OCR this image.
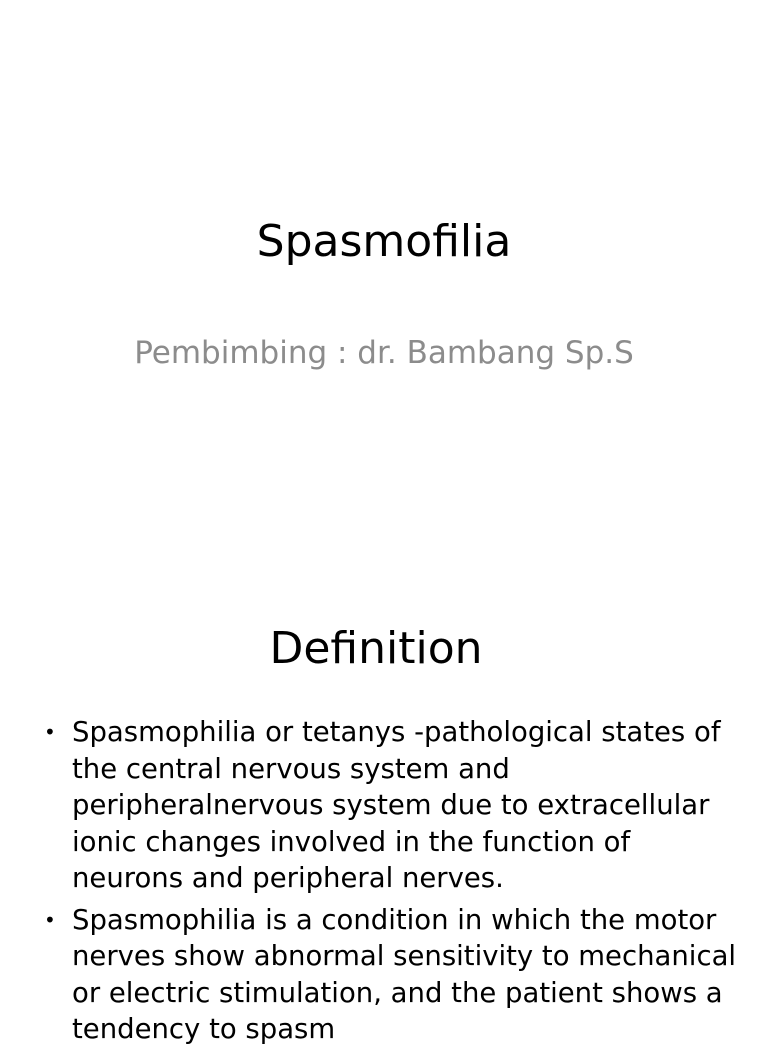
Spasmofilia
Pembimbing : dr. Bambang Sp.S
Definition
• Spasmophilia or tetanys -pathological states of the central nervous system and peripheralnervous system due to extracellular ionic changes involved in the function of neurons and peripheral nerves.
• Spasmophilia is a condition in which the motor nerves show abnormal sensitivity to mechanical or electric stimulation, and the patient shows a tendency to spasm
